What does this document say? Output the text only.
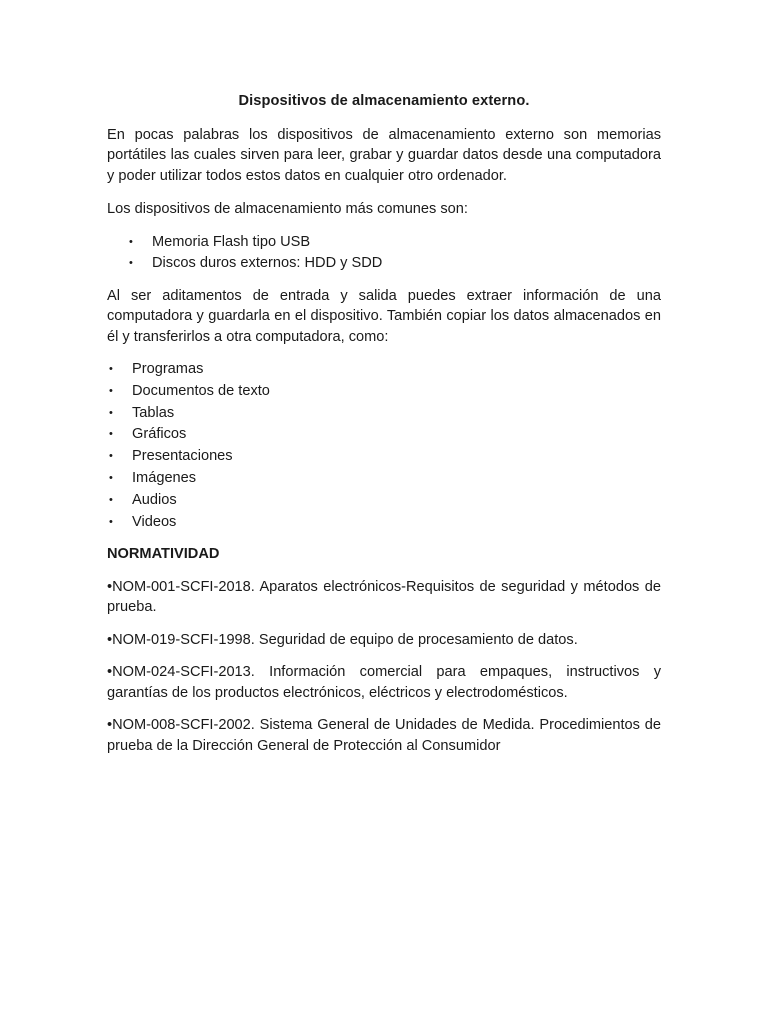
Dispositivos de almacenamiento externo.

En pocas palabras los dispositivos de almacenamiento externo son memorias portátiles las cuales sirven para leer, grabar y guardar datos desde una computadora y poder utilizar todos estos datos en cualquier otro ordenador.

Los dispositivos de almacenamiento más comunes son:

• Memoria Flash tipo USB
• Discos duros externos: HDD y SDD

Al ser aditamentos de entrada y salida puedes extraer información de una computadora y guardarla en el dispositivo. También copiar los datos almacenados en él y transferirlos a otra computadora, como:

• Programas
• Documentos de texto
• Tablas
• Gráficos
• Presentaciones
• Imágenes
• Audios
• Videos
NORMATIVIDAD

•NOM-001-SCFI-2018. Aparatos electrónicos-Requisitos de seguridad y métodos de prueba.

•NOM-019-SCFI-1998. Seguridad de equipo de procesamiento de datos.

•NOM-024-SCFI-2013. Información comercial para empaques, instructivos y garantías de los productos electrónicos, eléctricos y electrodomésticos.

•NOM-008-SCFI-2002. Sistema General de Unidades de Medida. Procedimientos de prueba de la Dirección General de Protección al Consumidor
